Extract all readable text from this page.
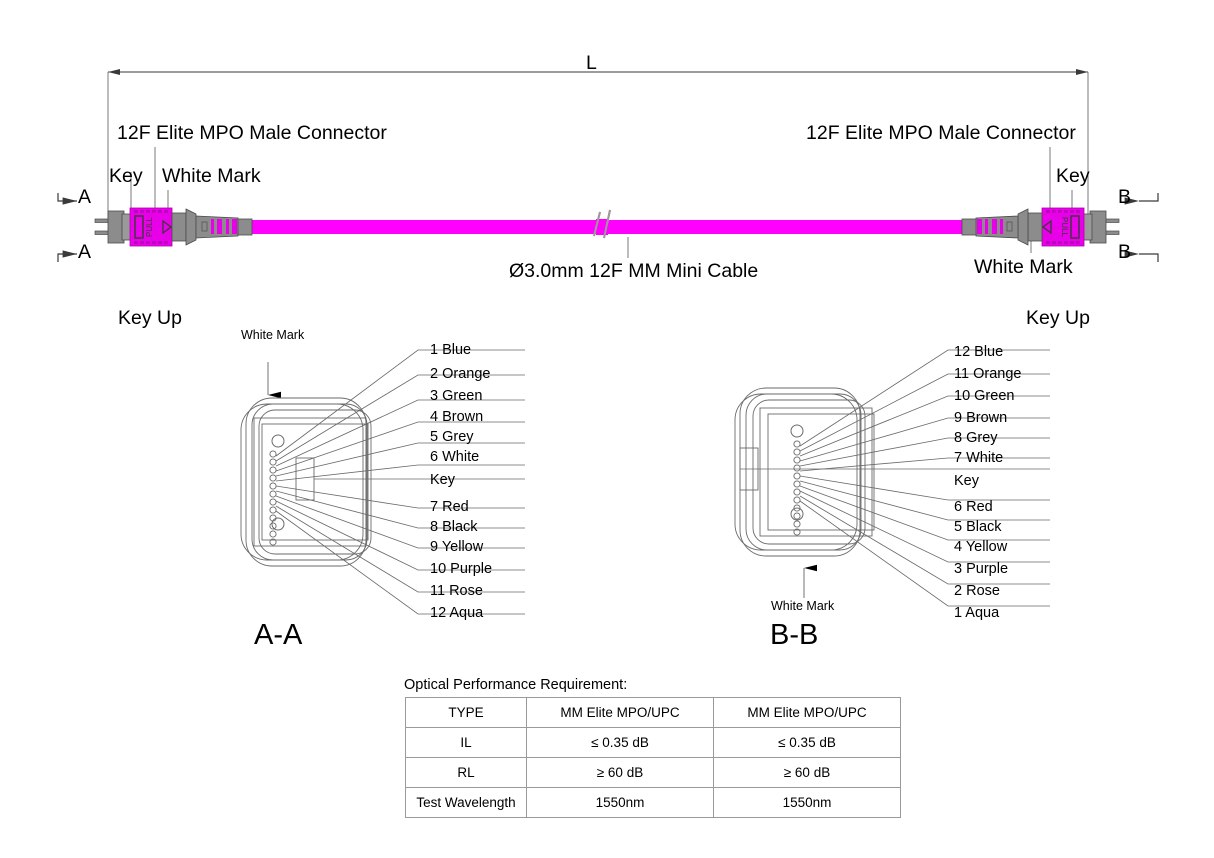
PULL	PULL
L
12F Elite MPO Male Connector
Key White Mark
12F Elite MPO Male Connector
Key
White Mark
Ø3.0mm 12F MM Mini Cable
A
A
B
B
Key Up
White Mark
1 Blue
2 Orange
3 Green
4 Brown
5 Grey
6 White
Key
7 Red
8 Black
9 Yellow
10 Purple
11 Rose
12 Aqua
A-A
Key Up
White Mark
12 Blue
11 Orange
10 Green
9 Brown
8 Grey
7 White
Key
6 Red
5 Black
4 Yellow
3 Purple
2 Rose
1 Aqua
B-B
Optical Performance Requirement:
TYPE	MM Elite MPO/UPC	MM Elite MPO/UPC
IL	≤ 0.35 dB	≤ 0.35 dB
RL	≥ 60 dB	≥ 60 dB
Test Wavelength	1550nm	1550nm
